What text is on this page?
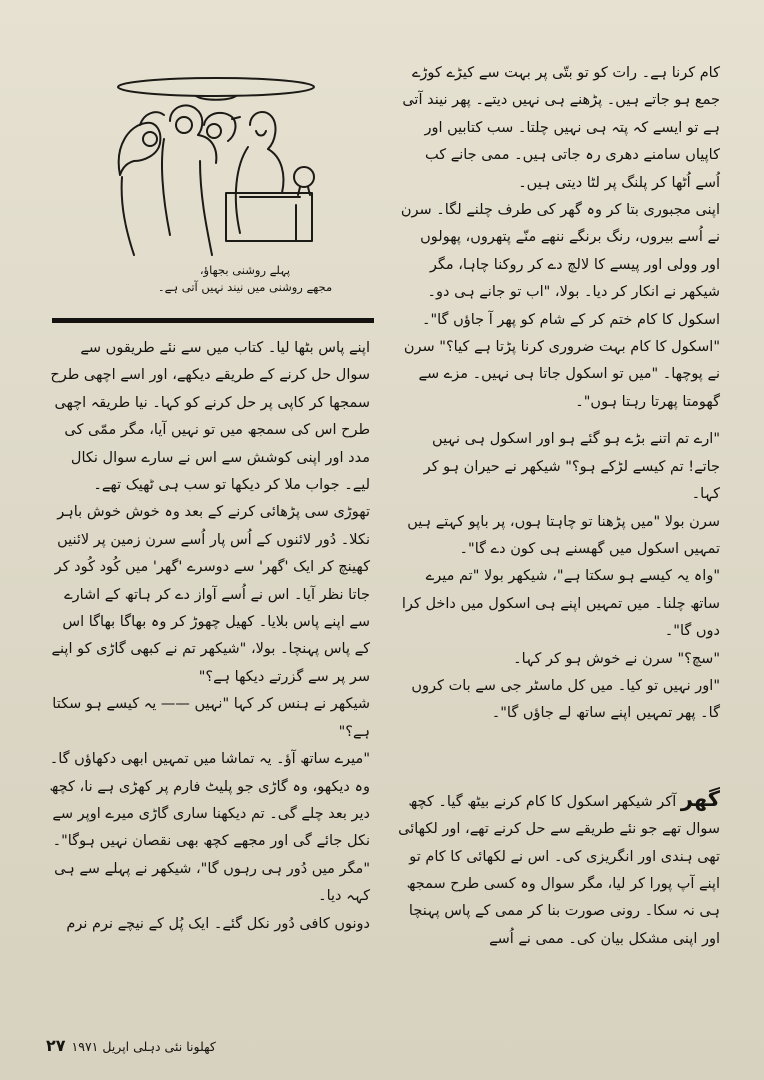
پہلے روشنی بجھاؤ،
مجھے روشنی میں نیند نہیں آتی ہے۔

کام کرنا ہے۔ رات کو تو بتّی پر بہت سے کیڑے کوڑے جمع ہو جاتے ہیں۔ پڑھنے ہی نہیں دیتے۔ پھر نیند آتی ہے تو ایسے کہ پتہ ہی نہیں چلتا۔ سب کتابیں اور کاپیاں سامنے دھری رہ جاتی ہیں۔ ممی جانے کب اُسے اُٹھا کر پلنگ پر لٹا دیتی ہیں۔

اپنی مجبوری بتا کر وہ گھر کی طرف چلنے لگا۔ سرن نے اُسے بیروں، رنگ برنگے ننھے منّے پتھروں، پھولوں اور وولی اور پیسے کا لالچ دے کر روکنا چاہا، مگر شیکھر نے انکار کر دیا۔ بولا، "اب تو جانے ہی دو۔ اسکول کا کام ختم کر کے شام کو پھر آ جاؤں گا"۔

"اسکول کا کام بہت ضروری کرنا پڑتا ہے کیا؟" سرن نے پوچھا۔ "میں تو اسکول جاتا ہی نہیں۔ مزے سے گھومتا پھرتا رہتا ہوں"۔

"ارے تم اتنے بڑے ہو گئے ہو اور اسکول ہی نہیں جاتے! تم کیسے لڑکے ہو؟" شیکھر نے حیران ہو کر کہا۔

سرن بولا "میں پڑھنا تو چاہتا ہوں، پر باپو کہتے ہیں تمہیں اسکول میں گھسنے ہی کون دے گا"۔

"واہ یہ کیسے ہو سکتا ہے"، شیکھر بولا "تم میرے ساتھ چلنا۔ میں تمہیں اپنے ہی اسکول میں داخل کرا دوں گا"۔

"سچ؟" سرن نے خوش ہو کر کہا۔

"اور نہیں تو کیا۔ میں کل ماسٹر جی سے بات کروں گا۔ پھر تمہیں اپنے ساتھ لے جاؤں گا"۔

گھر آکر شیکھر اسکول کا کام کرنے بیٹھ گیا۔ کچھ سوال تھے جو نئے طریقے سے حل کرنے تھے، اور لکھائی تھی ہندی اور انگریزی کی۔ اس نے لکھائی کا کام تو اپنے آپ پورا کر لیا، مگر سوال وہ کسی طرح سمجھ ہی نہ سکا۔ رونی صورت بنا کر ممی کے پاس پہنچا اور اپنی مشکل بیان کی۔ ممی نے اُسے

اپنے پاس بٹھا لیا۔ کتاب میں سے نئے طریقوں سے سوال حل کرنے کے طریقے دیکھے، اور اسے اچھی طرح سمجھا کر کاپی پر حل کرنے کو کہا۔ نیا طریقہ اچھی طرح اس کی سمجھ میں تو نہیں آیا، مگر ممّی کی مدد اور اپنی کوشش سے اس نے سارے سوال نکال لیے۔ جواب ملا کر دیکھا تو سب ہی ٹھیک تھے۔

تھوڑی سی پڑھائی کرنے کے بعد وہ خوش خوش باہر نکلا۔ دُور لائنوں کے اُس پار اُسے سرن زمین پر لائنیں کھینچ کر ایک 'گھر' سے دوسرے 'گھر' میں کُود کُود کر جاتا نظر آیا۔ اس نے اُسے آواز دے کر ہاتھ کے اشارے سے اپنے پاس بلایا۔ کھیل چھوڑ کر وہ بھاگا بھاگا اس کے پاس پہنچا۔ بولا، "شیکھر تم نے کبھی گاڑی کو اپنے سر پر سے گزرتے دیکھا ہے؟"

شیکھر نے ہنس کر کہا "نہیں —— یہ کیسے ہو سکتا ہے؟"

"میرے ساتھ آؤ۔ یہ تماشا میں تمہیں ابھی دکھاؤں گا۔ وہ دیکھو، وہ گاڑی جو پلیٹ فارم پر کھڑی ہے نا، کچھ دیر بعد چلے گی۔ تم دیکھنا ساری گاڑی میرے اوپر سے نکل جائے گی اور مجھے کچھ بھی نقصان نہیں ہوگا"۔

"مگر میں دُور ہی رہوں گا"، شیکھر نے پہلے سے ہی کہہ دیا۔

دونوں کافی دُور نکل گئے۔ ایک پُل کے نیچے نرم نرم

کھلونا نئی دہلی اپریل ۱۹۷۱
۲۷
